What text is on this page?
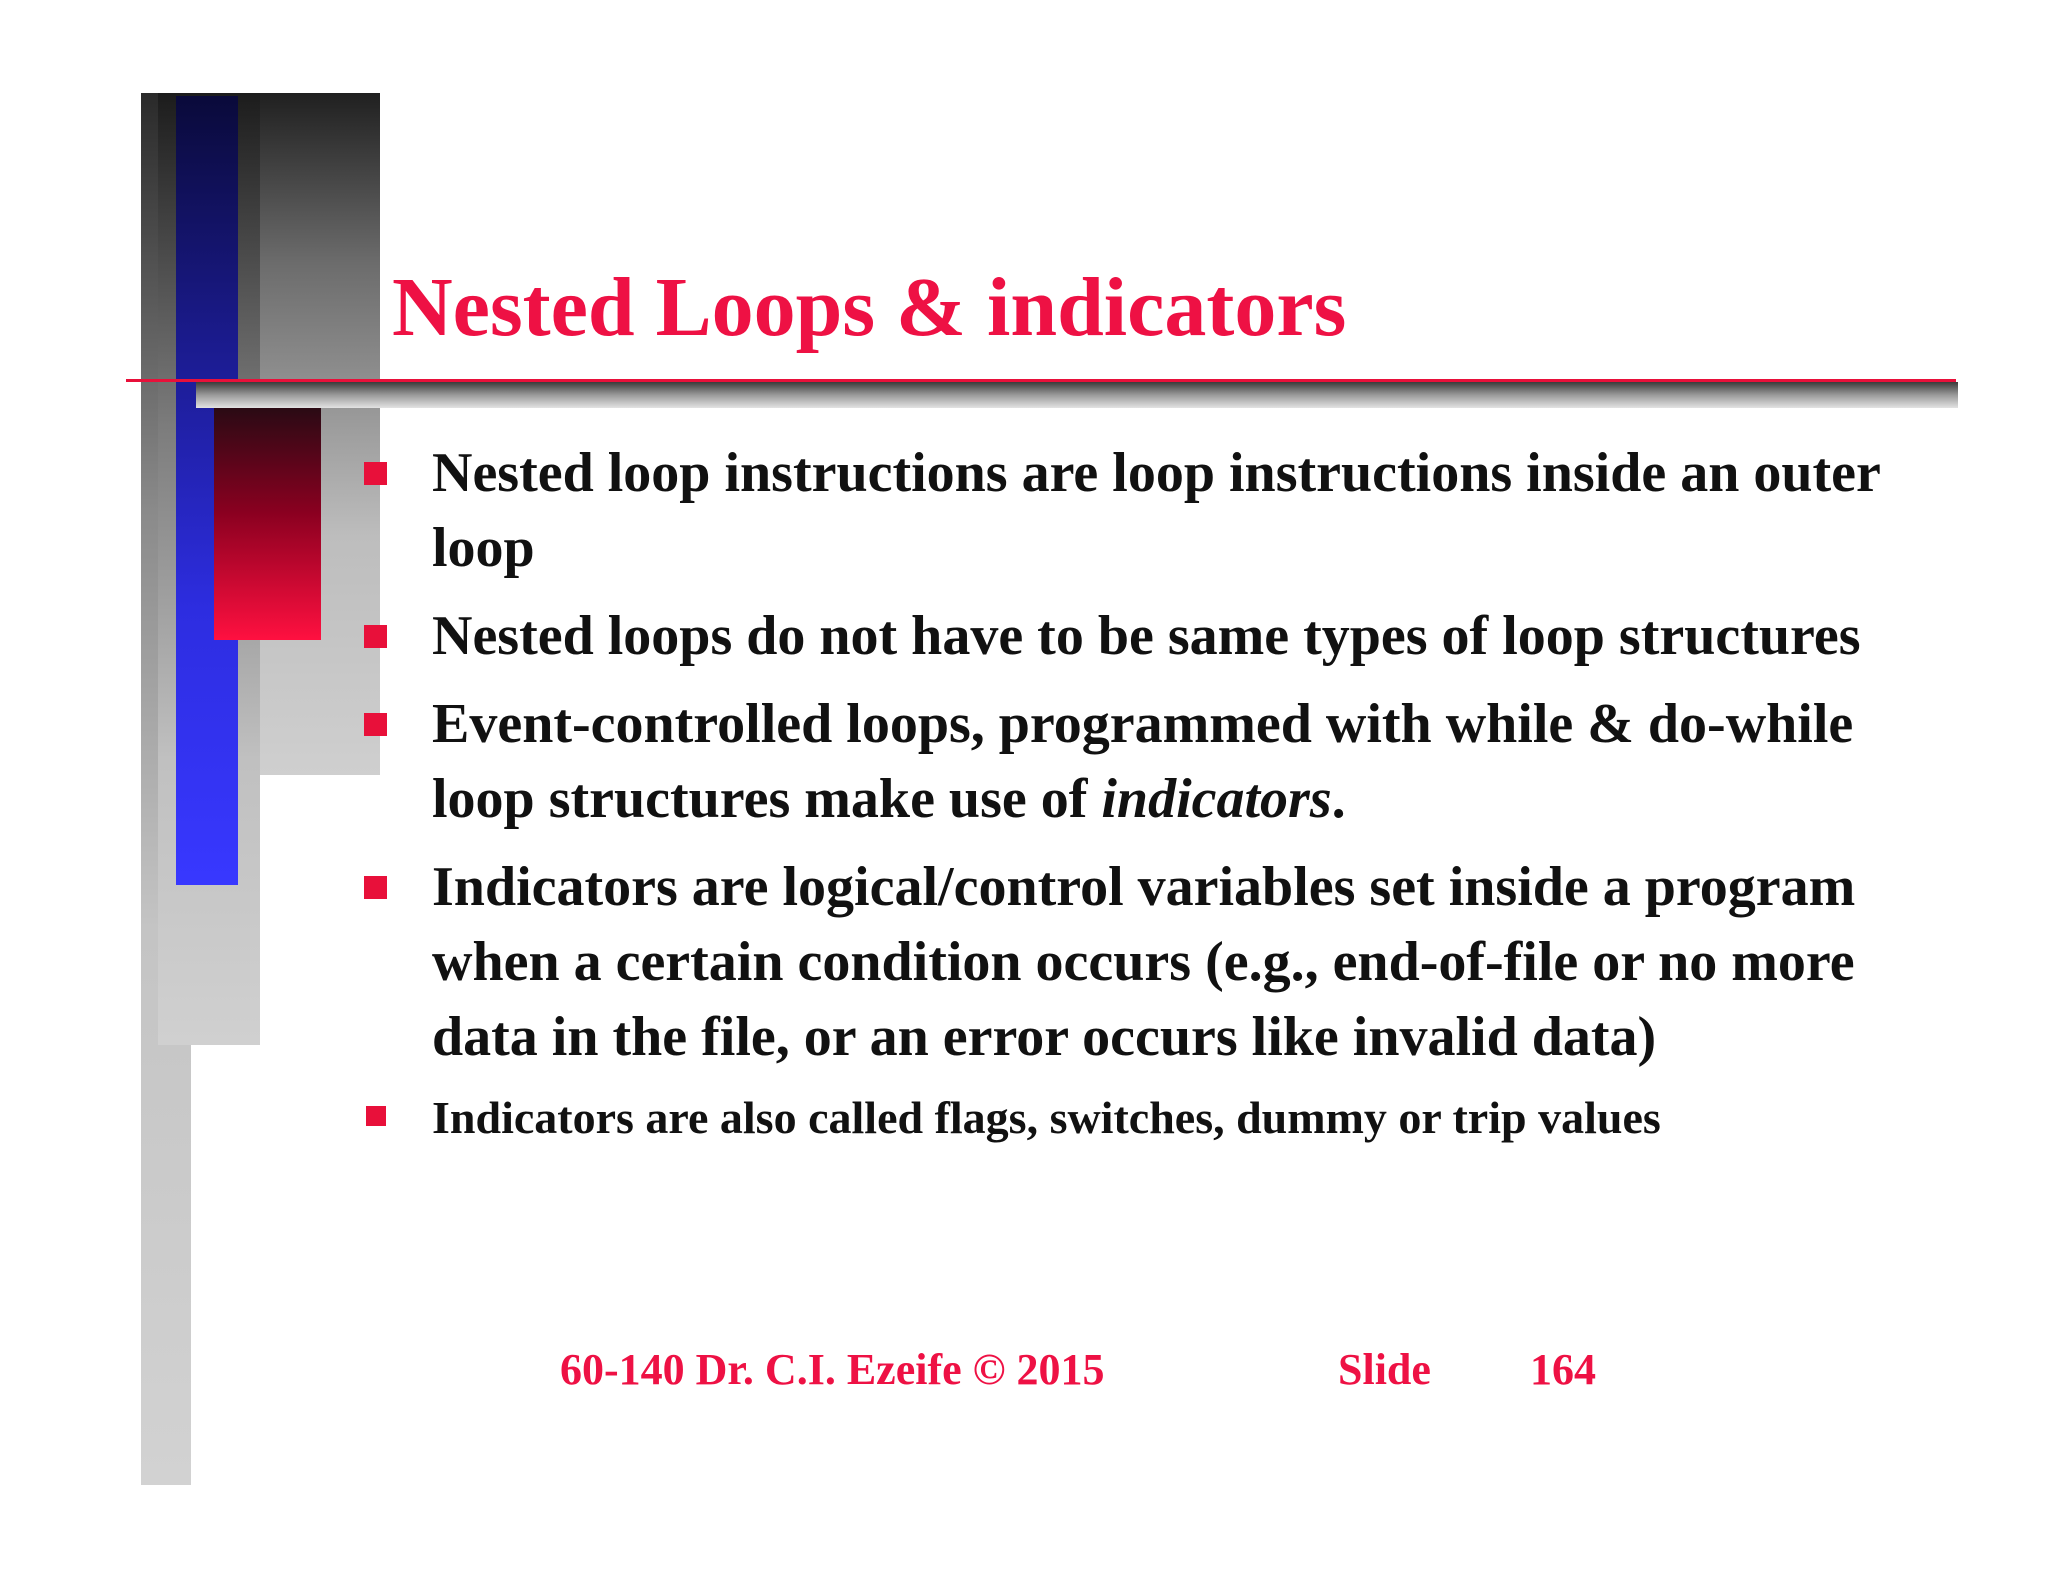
Nested Loops & indicators
Nested loop instructions are loop instructions inside an outer loop
Nested loops do not have to be same types of loop structures
Event-controlled loops, programmed with while & do-while loop structures make use of indicators.
Indicators are logical/control variables set inside a program when a certain condition occurs (e.g., end-of-file or no more data in the file, or an error occurs like invalid data)
Indicators are also called flags, switches, dummy or trip values
60-140 Dr. C.I. Ezeife © 2015	Slide 164
